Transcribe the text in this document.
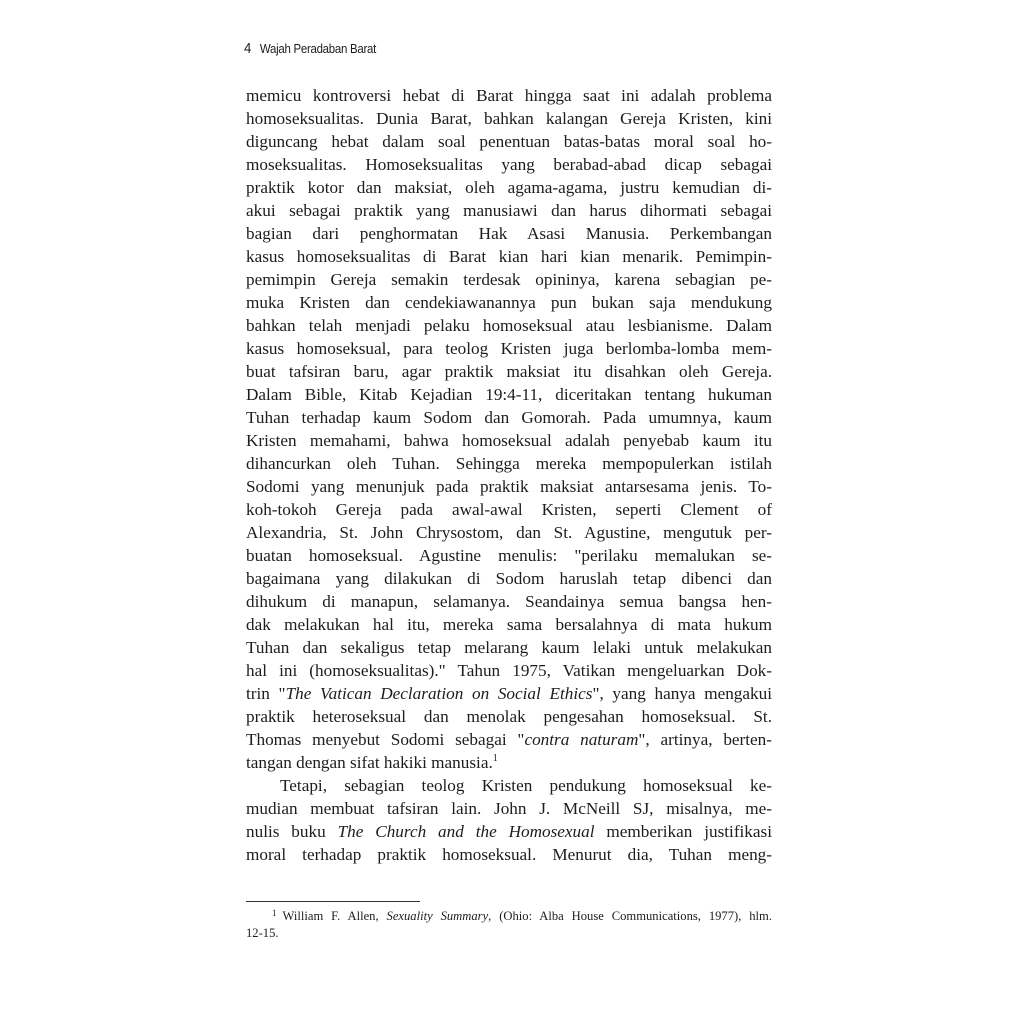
4 Wajah Peradaban Barat
memicu kontroversi hebat di Barat hingga saat ini adalah problema
homoseksualitas. Dunia Barat, bahkan kalangan Gereja Kristen, kini
diguncang hebat dalam soal penentuan batas-batas moral soal ho-
moseksualitas. Homoseksualitas yang berabad-abad dicap sebagai
praktik kotor dan maksiat, oleh agama-agama, justru kemudian di-
akui sebagai praktik yang manusiawi dan harus dihormati sebagai
bagian dari penghormatan Hak Asasi Manusia. Perkembangan
kasus homoseksualitas di Barat kian hari kian menarik. Pemimpin-
pemimpin Gereja semakin terdesak opininya, karena sebagian pe-
muka Kristen dan cendekiawanannya pun bukan saja mendukung
bahkan telah menjadi pelaku homoseksual atau lesbianisme. Dalam
kasus homoseksual, para teolog Kristen juga berlomba-lomba mem-
buat tafsiran baru, agar praktik maksiat itu disahkan oleh Gereja.
Dalam Bible, Kitab Kejadian 19:4-11, diceritakan tentang hukuman
Tuhan terhadap kaum Sodom dan Gomorah. Pada umumnya, kaum
Kristen memahami, bahwa homoseksual adalah penyebab kaum itu
dihancurkan oleh Tuhan. Sehingga mereka mempopulerkan istilah
Sodomi yang menunjuk pada praktik maksiat antarsesama jenis. To-
koh-tokoh Gereja pada awal-awal Kristen, seperti Clement of
Alexandria, St. John Chrysostom, dan St. Agustine, mengutuk per-
buatan homoseksual. Agustine menulis: "perilaku memalukan se-
bagaimana yang dilakukan di Sodom haruslah tetap dibenci dan
dihukum di manapun, selamanya. Seandainya semua bangsa hen-
dak melakukan hal itu, mereka sama bersalahnya di mata hukum
Tuhan dan sekaligus tetap melarang kaum lelaki untuk melakukan
hal ini (homoseksualitas)." Tahun 1975, Vatikan mengeluarkan Dok-
trin "The Vatican Declaration on Social Ethics", yang hanya mengakui
praktik heteroseksual dan menolak pengesahan homoseksual. St.
Thomas menyebut Sodomi sebagai "contra naturam", artinya, berten-
tangan dengan sifat hakiki manusia.$^1$
Tetapi, sebagian teolog Kristen pendukung homoseksual ke-
mudian membuat tafsiran lain. John J. McNeill SJ, misalnya, me-
nulis buku The Church and the Homosexual memberikan justifikasi
moral terhadap praktik homoseksual. Menurut dia, Tuhan meng-
$^1$ William F. Allen, Sexuality Summary, (Ohio: Alba House Communications, 1977), hlm.
12-15.
